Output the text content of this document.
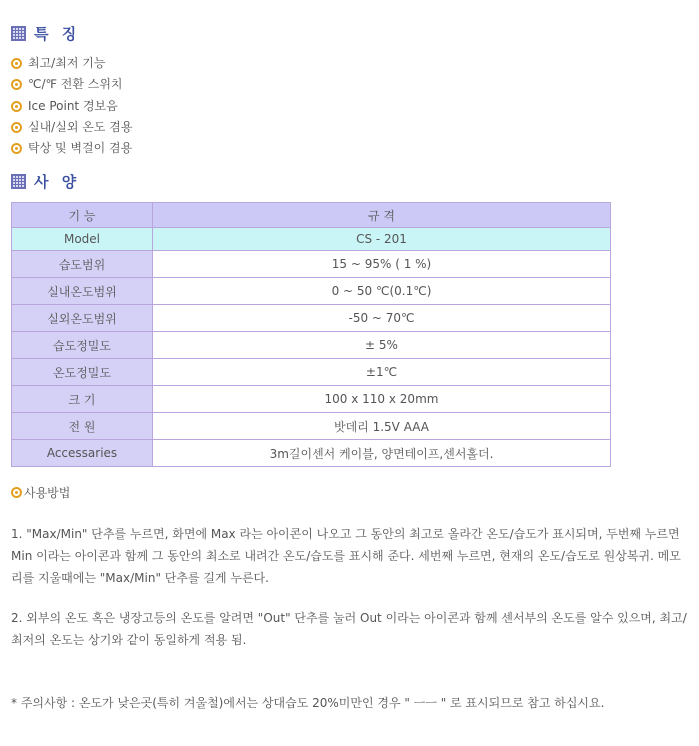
특 징
최고/최저 기능
℃/℉ 전환 스위치
Ice Point 경보음
실내/실외 온도 겸용
탁상 및 벽걸이 겸용
사 양
기 능	규 격
Model	CS - 201
습도범위	15 ~ 95% ( 1 %)
실내온도범위	0 ~ 50 ℃(0.1℃)
실외온도범위	-50 ~ 70℃
습도정밀도	± 5%
온도정밀도	±1℃
크 기	100 x 110 x 20mm
전 원	밧데리 1.5V AAA
Accessaries	3m길이센서 케이블, 양면테이프,센서홀더.
사용방법

1. "Max/Min" 단추를 누르면, 화면에 Max 라는 아이콘이 나오고 그 동안의 최고로 올라간 온도/습도가 표시되며, 두번째 누르면 Min 이라는 아이콘과 함께 그 동안의 최소로 내려간 온도/습도를 표시해 준다. 세번째 누르면, 현재의 온도/습도로 원상복귀. 메모리를 지울때에는 "Max/Min" 단추를 길게 누른다.

2. 외부의 온도 혹은 냉장고등의 온도를 알려면 "Out" 단추를 눌러 Out 이라는 아이콘과 함께 센서부의 온도를 알수 있으며, 최고/최저의 온도는 상기와 같이 동일하게 적용 됨.

* 주의사항 : 온도가 낮은곳(특히 겨울철)에서는 상대습도 20%미만인 경우 " ㅡㅡ " 로 표시되므로 참고 하십시요.
